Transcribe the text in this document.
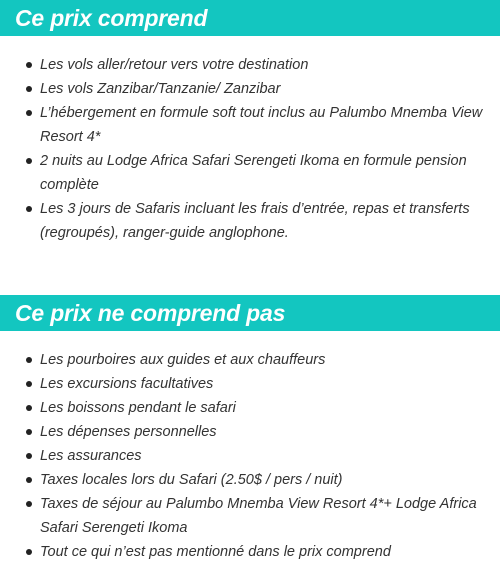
Ce prix comprend
Les vols aller/retour vers votre destination
Les vols Zanzibar/Tanzanie/ Zanzibar
L’hébergement en formule soft tout inclus au Palumbo Mnemba View Resort 4*
2 nuits au Lodge Africa Safari Serengeti Ikoma en formule pension complète
Les 3 jours de Safaris incluant les frais d’entrée, repas et transferts (regroupés), ranger-guide anglophone.
Ce prix ne comprend pas
Les pourboires aux guides et aux chauffeurs
Les excursions facultatives
Les boissons pendant le safari
Les dépenses personnelles
Les assurances
Taxes locales lors du Safari (2.50$ / pers / nuit)
Taxes de séjour au Palumbo Mnemba View Resort 4*+ Lodge Africa Safari Serengeti Ikoma
Tout ce qui n’est pas mentionné dans le prix comprend
